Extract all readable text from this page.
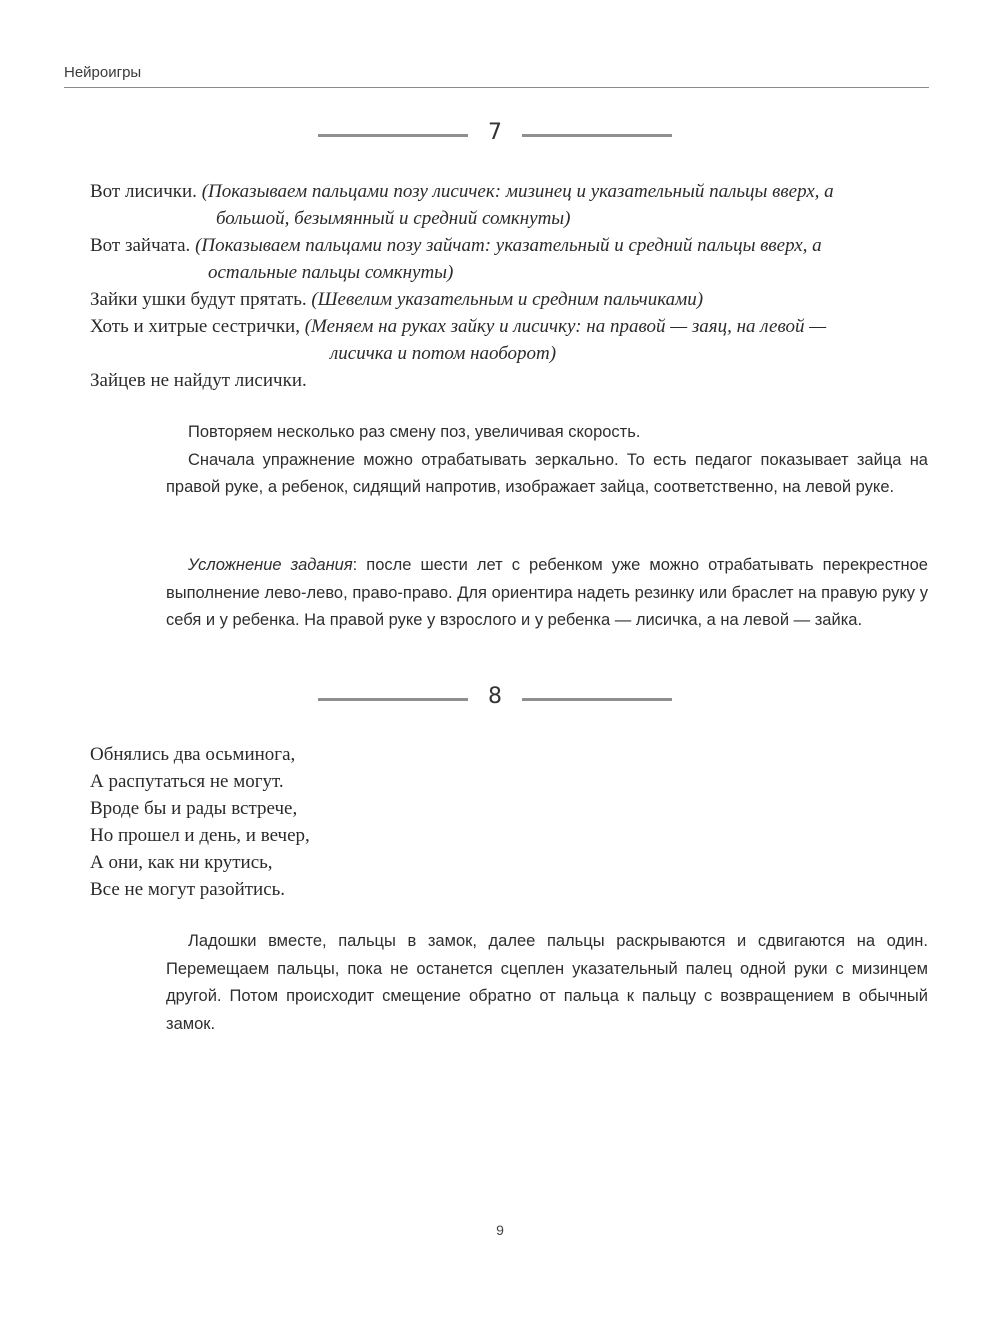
Нейроигры
7
Вот лисички. (Показываем пальцами позу лисичек: мизинец и указательный пальцы вверх, а
большой, безымянный и средний сомкнуты)
Вот зайчата. (Показываем пальцами позу зайчат: указательный и средний пальцы вверх, а
остальные пальцы сомкнуты)
Зайки ушки будут прятать. (Шевелим указательным и средним пальчиками)
Хоть и хитрые сестрички, (Меняем на руках зайку и лисичку: на правой — заяц, на левой —
лисичка и потом наоборот)
Зайцев не найдут лисички.

Повторяем несколько раз смену поз, увеличивая скорость.

Сначала упражнение можно отрабатывать зеркально. То есть педагог показывает зайца на правой руке, а ребенок, сидящий напротив, изображает зайца, соответственно, на левой руке.

Усложнение задания: после шести лет с ребенком уже можно отрабатывать перекрестное выполнение лево-лево, право-право. Для ориентира надеть резинку или браслет на правую руку у себя и у ребенка. На правой руке у взрослого и у ребенка — лисичка, а на левой — зайка.

8
Обнялись два осьминога,
А распутаться не могут.
Вроде бы и рады встрече,
Но прошел и день, и вечер,
А они, как ни крутись,
Все не могут разойтись.

Ладошки вместе, пальцы в замок, далее пальцы раскрываются и сдвигаются на один. Перемещаем пальцы, пока не останется сцеплен указательный палец одной руки с мизинцем другой. Потом происходит смещение обратно от пальца к пальцу с возвращением в обычный замок.

9
